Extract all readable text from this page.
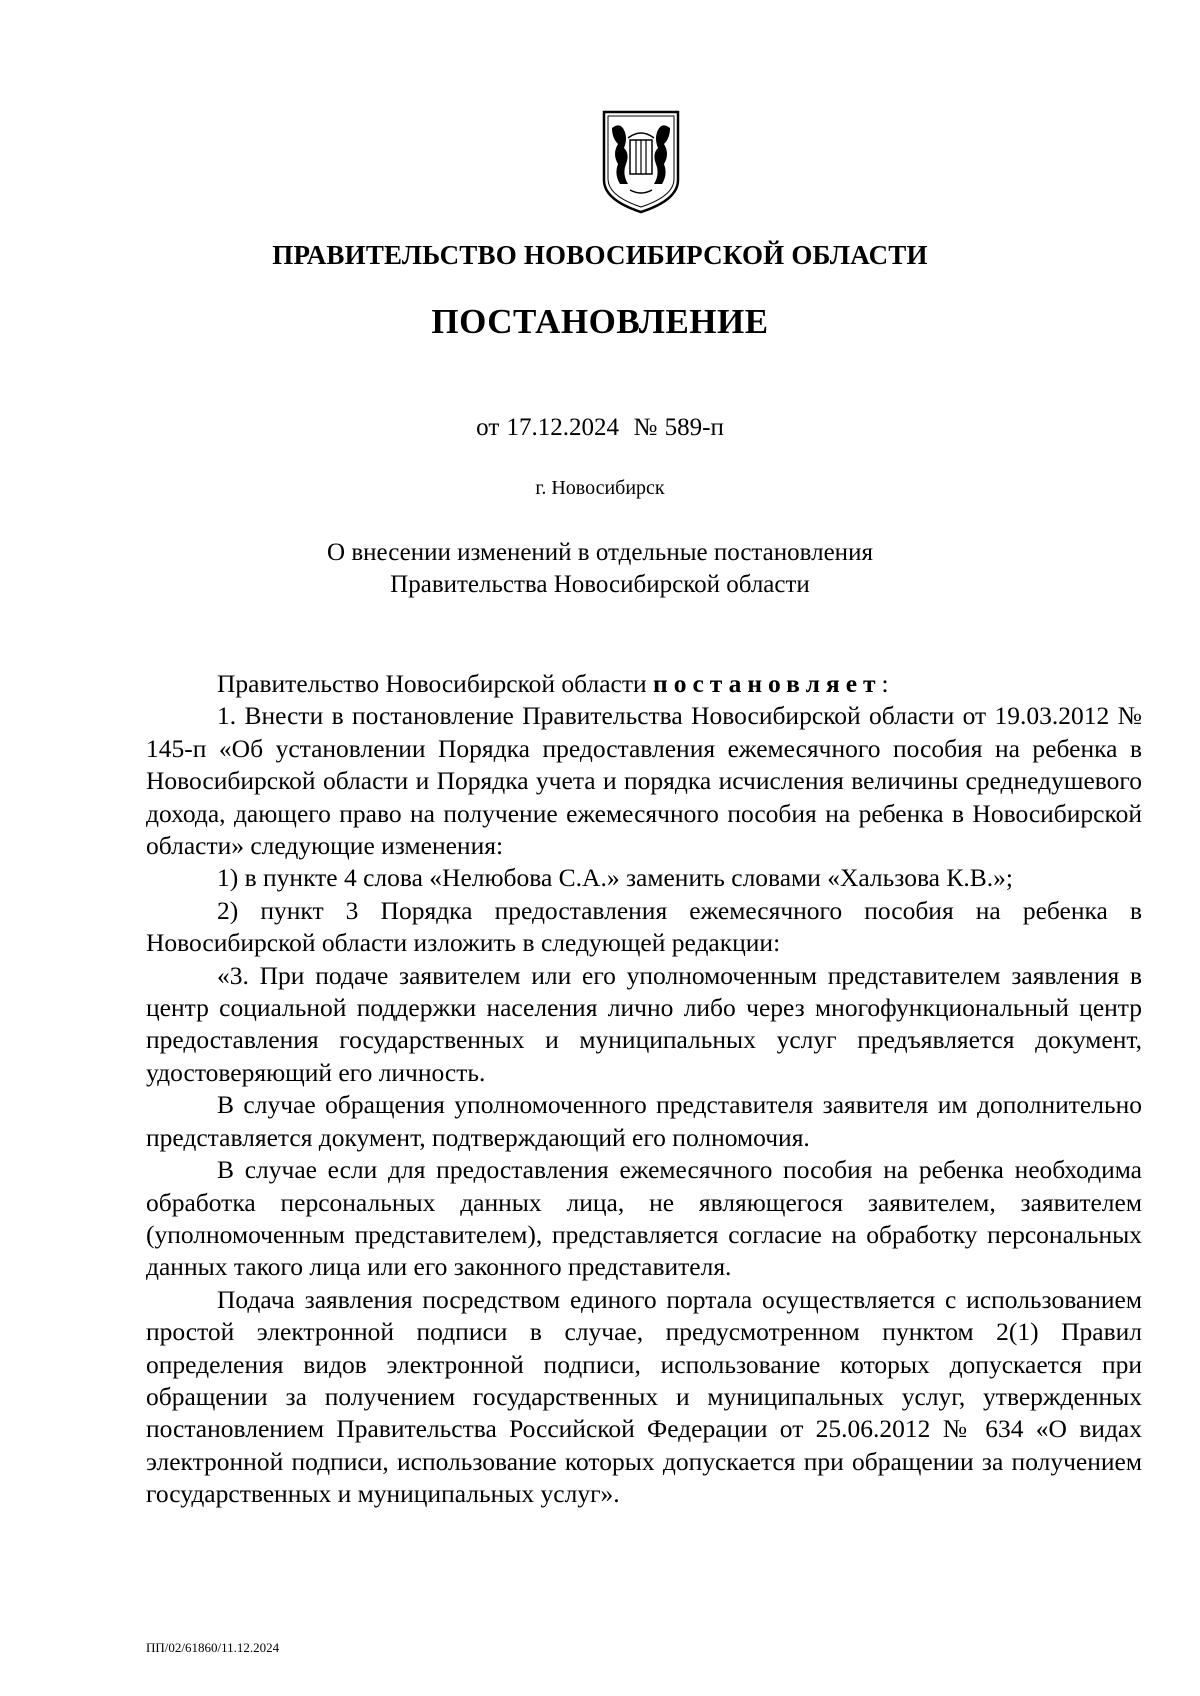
ПРАВИТЕЛЬСТВО НОВОСИБИРСКОЙ ОБЛАСТИ
ПОСТАНОВЛЕНИЕ
от 17.12.2024  № 589-п
г. Новосибирск
О внесении изменений в отдельные постановления
Правительства Новосибирской области

Правительство Новосибирской области постановляет:

1. Внести в постановление Правительства Новосибирской области от 19.03.2012 № 145-п «Об установлении Порядка предоставления ежемесячного пособия на ребенка в Новосибирской области и Порядка учета и порядка исчисления величины среднедушевого дохода, дающего право на получение ежемесячного пособия на ребенка в Новосибирской области» следующие изменения:

1) в пункте 4 слова «Нелюбова С.А.» заменить словами «Хальзова К.В.»;

2) пункт 3 Порядка предоставления ежемесячного пособия на ребенка в Новосибирской области изложить в следующей редакции:

«3. При подаче заявителем или его уполномоченным представителем заявления в центр социальной поддержки населения лично либо через многофункциональный центр предоставления государственных и муниципальных услуг предъявляется документ, удостоверяющий его личность.

В случае обращения уполномоченного представителя заявителя им дополнительно представляется документ, подтверждающий его полномочия.

В случае если для предоставления ежемесячного пособия на ребенка необходима обработка персональных данных лица, не являющегося заявителем, заявителем (уполномоченным представителем), представляется согласие на обработку персональных данных такого лица или его законного представителя.

Подача заявления посредством единого портала осуществляется с использованием простой электронной подписи в случае, предусмотренном пунктом 2(1) Правил определения видов электронной подписи, использование которых допускается при обращении за получением государственных и муниципальных услуг, утвержденных постановлением Правительства Российской Федерации от 25.06.2012 № 634 «О видах электронной подписи, использование которых допускается при обращении за получением государственных и муниципальных услуг».

ПП/02/61860/11.12.2024
